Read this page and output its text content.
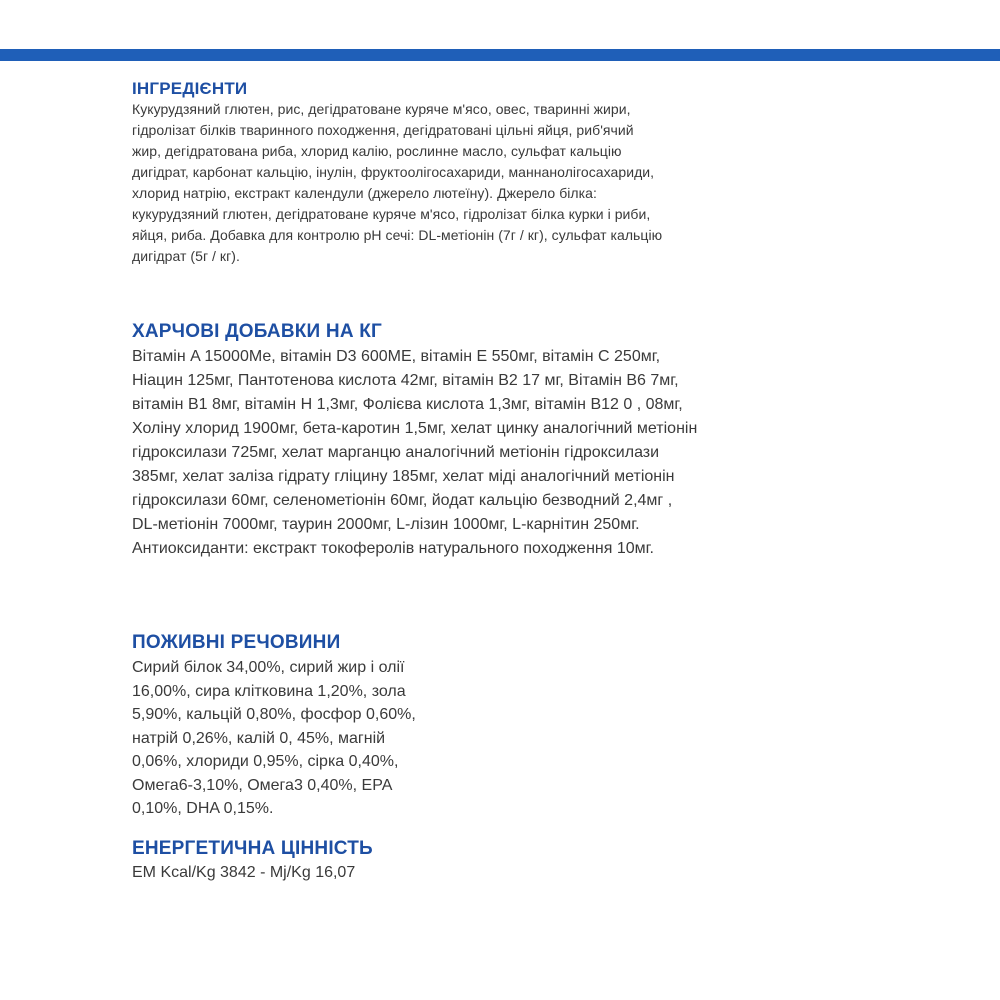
ІНГРЕДІЄНТИ

Кукурудзяний глютен, рис, дегідратоване куряче м'ясо, овес, тваринні жири,
гідролізат білків тваринного походження, дегідратовані цільні яйця, риб'ячий
жир, дегідратована риба, хлорид калію, рослинне масло, сульфат кальцію
дигідрат, карбонат кальцію, інулін, фруктоолігосахариди, маннанолігосахариди,
хлорид натрію, екстракт календули (джерело лютеїну). Джерело білка:
кукурудзяний глютен, дегідратоване куряче м'ясо, гідролізат білка курки і риби,
яйця, риба. Добавка для контролю pH сечі: DL-метіонін (7г / кг), сульфат кальцію
дигідрат (5г / кг).

ХАРЧОВІ ДОБАВКИ НА КГ

Вітамін A 15000Ме, вітамін D3 600МЕ, вітамін E 550мг, вітамін C 250мг,
Ніацин 125мг, Пантотенова кислота 42мг, вітамін B2 17 мг, Вітамін B6 7мг,
вітамін B1 8мг, вітамін H 1,3мг, Фолієва кислота 1,3мг, вітамін B12 0 , 08мг,
Холіну хлорид 1900мг, бета-каротин 1,5мг, хелат цинку аналогічний метіонін
гідроксилази 725мг, хелат марганцю аналогічний метіонін гідроксилази
385мг, хелат заліза гідрату гліцину 185мг, хелат міді аналогічний метіонін
гідроксилази 60мг, селенометіонін 60мг, йодат кальцію безводний 2,4мг ,
DL-метіонін 7000мг, таурин 2000мг, L-лізин 1000мг, L-карнітин 250мг.
Антиоксиданти: екстракт токоферолів натурального походження 10мг.

ПОЖИВНІ РЕЧОВИНИ

Сирий білок 34,00%, сирий жир і олії
16,00%, сира клітковина 1,20%, зола
5,90%, кальцій 0,80%, фосфор 0,60%,
натрій 0,26%, калій 0, 45%, магній
0,06%, хлориди 0,95%, сірка 0,40%,
Омега6-3,10%, Омега3 0,40%, EPA
0,10%, DHA 0,15%.

ЕНЕРГЕТИЧНА ЦІННІСТЬ

EM Kcal/Kg 3842 - Mj/Kg 16,07
